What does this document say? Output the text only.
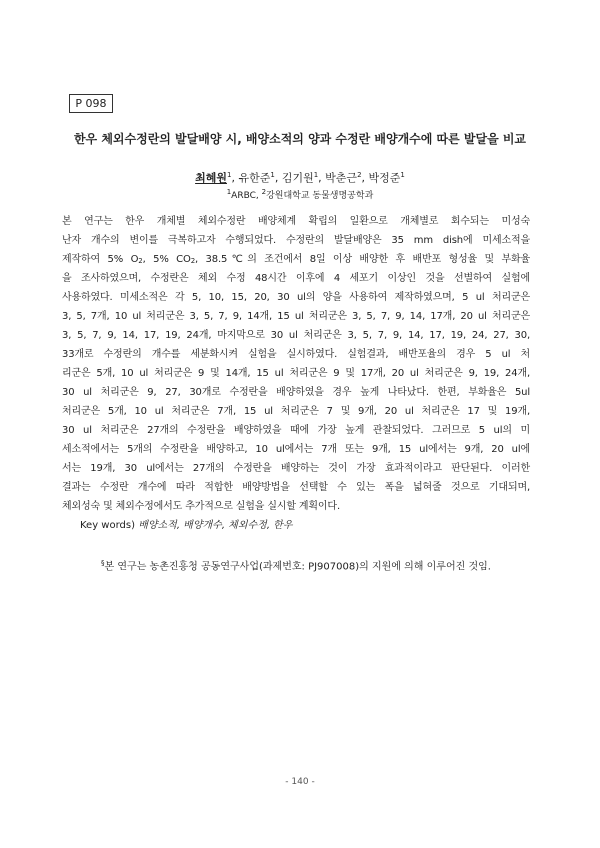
P 098
한우 체외수정란의 발달배양 시, 배양소적의 양과 수정란 배양개수에 따른 발달을 비교
최혜원$^1$, 유한준$^1$, 김기원$^1$, 박춘근$^2$, 박정준$^1$
$^1$ARBC, $^2$강원대학교 동물생명공학과
본 연구는 한우 개체별 체외수정란 배양체계 확립의 일환으로 개체별로 회수되는 미성숙
난자 개수의 변이를 극복하고자 수행되었다. 수정란의 발달배양은 35 mm dish에 미세소적을
제작하여 5% $O_2$, 5% $CO_2$, 38.5℃의 조건에서 8일 이상 배양한 후 배반포 형성율 및 부화율
을 조사하였으며, 수정란은 체외 수정 48시간 이후에 4 세포기 이상인 것을 선별하여 실험에
사용하였다. 미세소적은 각 5, 10, 15, 20, 30 ul의 양을 사용하여 제작하였으며, 5 ul 처리군은
3, 5, 7개, 10 ul 처리군은 3, 5, 7, 9, 14개, 15 ul 처리군은 3, 5, 7, 9, 14, 17개, 20 ul 처리군은
3, 5, 7, 9, 14, 17, 19, 24개, 마지막으로 30 ul 처리군은 3, 5, 7, 9, 14, 17, 19, 24, 27, 30,
33개로 수정란의 개수를 세분화시켜 실험을 실시하였다. 실험결과, 배반포율의 경우 5 ul 처
리군은 5개, 10 ul 처리군은 9 및 14개, 15 ul 처리군은 9 및 17개, 20 ul 처리군은 9, 19, 24개,
30 ul 처리군은 9, 27, 30개로 수정란을 배양하였을 경우 높게 나타났다. 한편, 부화율은 5ul
처리군은 5개, 10 ul 처리군은 7개, 15 ul 처리군은 7 및 9개, 20 ul 처리군은 17 및 19개,
30 ul 처리군은 27개의 수정란을 배양하였을 때에 가장 높게 관찰되었다. 그러므로 5 ul의 미
세소적에서는 5개의 수정란을 배양하고, 10 ul에서는 7개 또는 9개, 15 ul에서는 9개, 20 ul에
서는 19개, 30 ul에서는 27개의 수정란을 배양하는 것이 가장 효과적이라고 판단된다. 이러한
결과는 수정란 개수에 따라 적합한 배양방법을 선택할 수 있는 폭을 넓혀줄 것으로 기대되며,
체외성숙 및 체외수정에서도 추가적으로 실험을 실시할 계획이다.
Key words) 배양소적, 배양개수, 체외수정, 한우
§본 연구는 농촌진흥청 공동연구사업(과제번호: PJ907008)의 지원에 의해 이루어진 것임.
- 140 -
